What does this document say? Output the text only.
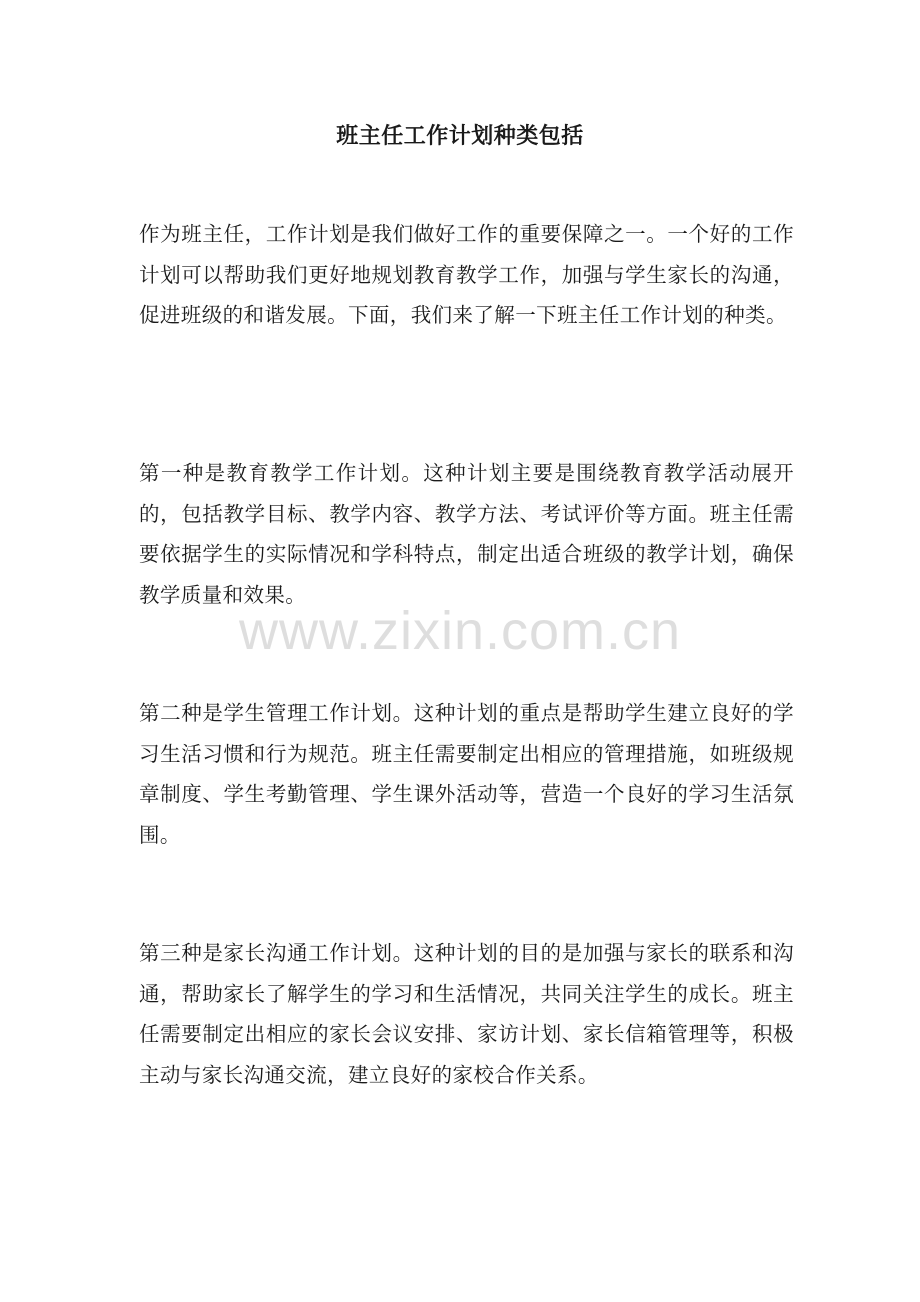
班主任工作计划种类包括

作为班主任，工作计划是我们做好工作的重要保障之一。一个好的工作计划可以帮助我们更好地规划教育教学工作，加强与学生家长的沟通，促进班级的和谐发展。下面，我们来了解一下班主任工作计划的种类。

第一种是教育教学工作计划。这种计划主要是围绕教育教学活动展开的，包括教学目标、教学内容、教学方法、考试评价等方面。班主任需要依据学生的实际情况和学科特点，制定出适合班级的教学计划，确保教学质量和效果。

第二种是学生管理工作计划。这种计划的重点是帮助学生建立良好的学习生活习惯和行为规范。班主任需要制定出相应的管理措施，如班级规章制度、学生考勤管理、学生课外活动等，营造一个良好的学习生活氛围。

第三种是家长沟通工作计划。这种计划的目的是加强与家长的联系和沟通，帮助家长了解学生的学习和生活情况，共同关注学生的成长。班主任需要制定出相应的家长会议安排、家访计划、家长信箱管理等，积极主动与家长沟通交流，建立良好的家校合作关系。

www.zixin.com.cn
